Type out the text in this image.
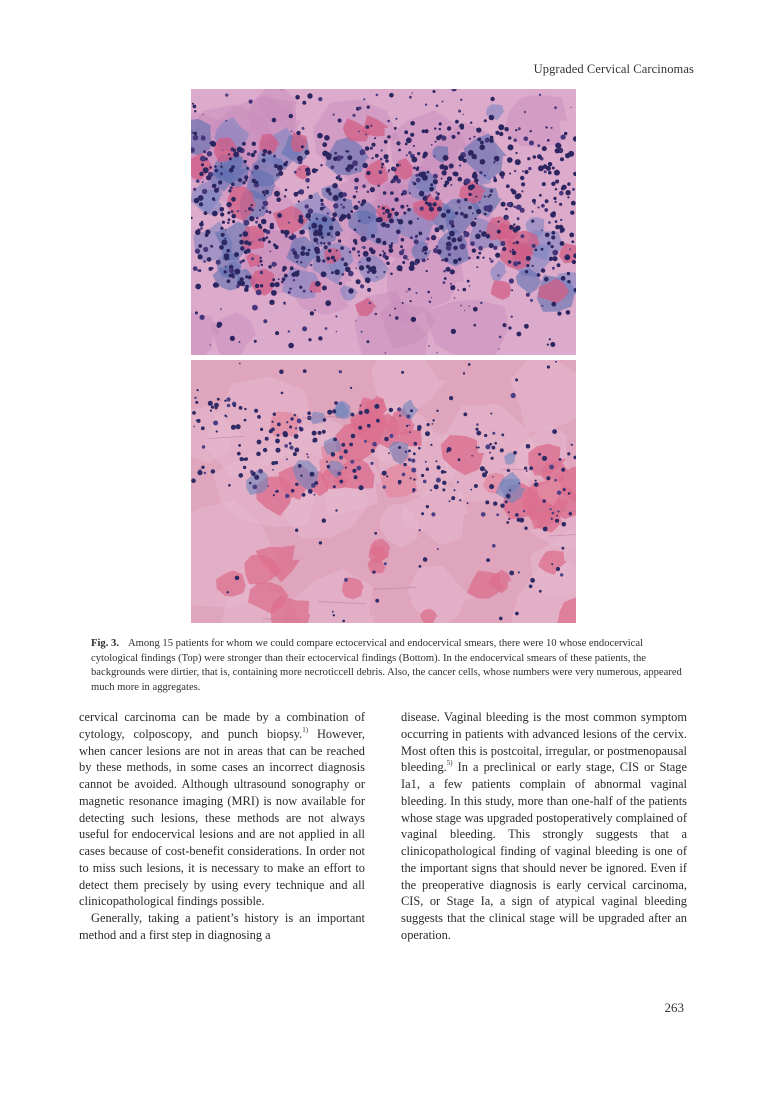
Upgraded Cervical Carcinomas
Fig. 3. Among 15 patients for whom we could compare ectocervical and endocervical smears, there were 10 whose endocervical cytological findings (Top) were stronger than their ectocervical findings (Bottom). In the endocervical smears of these patients, the backgrounds were dirtier, that is, containing more necroticcell debris. Also, the cancer cells, whose numbers were very numerous, appeared much more in aggregates.

cervical carcinoma can be made by a combination of cytology, colposcopy, and punch biopsy.$^{1)}$ However, when cancer lesions are not in areas that can be reached by these methods, in some cases an incorrect diagnosis cannot be avoided. Although ultrasound sonography or magnetic resonance imaging (MRI) is now available for detecting such lesions, these methods are not always useful for endocervical lesions and are not applied in all cases because of cost-benefit considerations. In order not to miss such lesions, it is necessary to make an effort to detect them precisely by using every technique and all clinicopathological findings possible.

Generally, taking a patient’s history is an important method and a first step in diagnosing a

disease. Vaginal bleeding is the most common symptom occurring in patients with advanced lesions of the cervix. Most often this is postcoital, irregular, or postmenopausal bleeding.$^{5)}$ In a preclinical or early stage, CIS or Stage Ia1, a few patients complain of abnormal vaginal bleeding. In this study, more than one-half of the patients whose stage was upgraded postoperatively complained of vaginal bleeding. This strongly suggests that a clinicopathological finding of vaginal bleeding is one of the important signs that should never be ignored. Even if the preoperative diagnosis is early cervical carcinoma, CIS, or Stage Ia, a sign of atypical vaginal bleeding suggests that the clinical stage will be upgraded after an operation.

263
